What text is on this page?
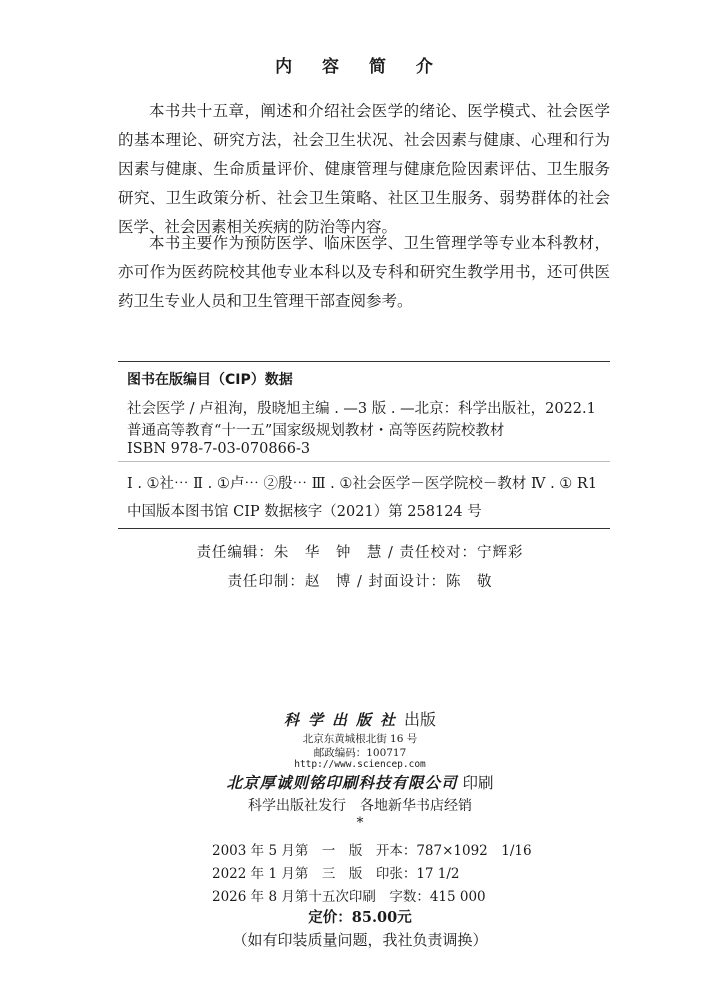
内 容 简 介

本书共十五章，阐述和介绍社会医学的绪论、医学模式、社会医学的基本理论、研究方法，社会卫生状况、社会因素与健康、心理和行为因素与健康、生命质量评价、健康管理与健康危险因素评估、卫生服务研究、卫生政策分析、社会卫生策略、社区卫生服务、弱势群体的社会医学、社会因素相关疾病的防治等内容。

本书主要作为预防医学、临床医学、卫生管理学等专业本科教材，亦可作为医药院校其他专业本科以及专科和研究生教学用书，还可供医药卫生专业人员和卫生管理干部查阅参考。

图书在版编目（CIP）数据
社会医学 / 卢祖洵，殷晓旭主编 . —3 版 . —北京：科学出版社，2022.1
普通高等教育“十一五”国家级规划教材・高等医药院校教材
ISBN 978-7-03-070866-3
Ⅰ . ①社⋯ Ⅱ . ①卢⋯ ②殷⋯ Ⅲ . ①社会医学－医学院校－教材 Ⅳ . ① R1
中国版本图书馆 CIP 数据核字（2021）第 258124 号
责任编辑：朱　华　钟　慧 / 责任校对：宁辉彩
责任印制：赵　博 / 封面设计：陈　敬
科学出版社出版
北京东黄城根北街 16 号
邮政编码：100717
http://www.sciencep.com
北京厚诚则铭印刷科技有限公司 印刷
科学出版社发行　各地新华书店经销
*
2003 年 5 月第　一　版　开本：787×1092　1/16
2022 年 1 月第　三　版　印张：17 1/2
2026 年 8 月第十五次印刷　字数：415 000
定价：85.00元
（如有印装质量问题，我社负责调换）
